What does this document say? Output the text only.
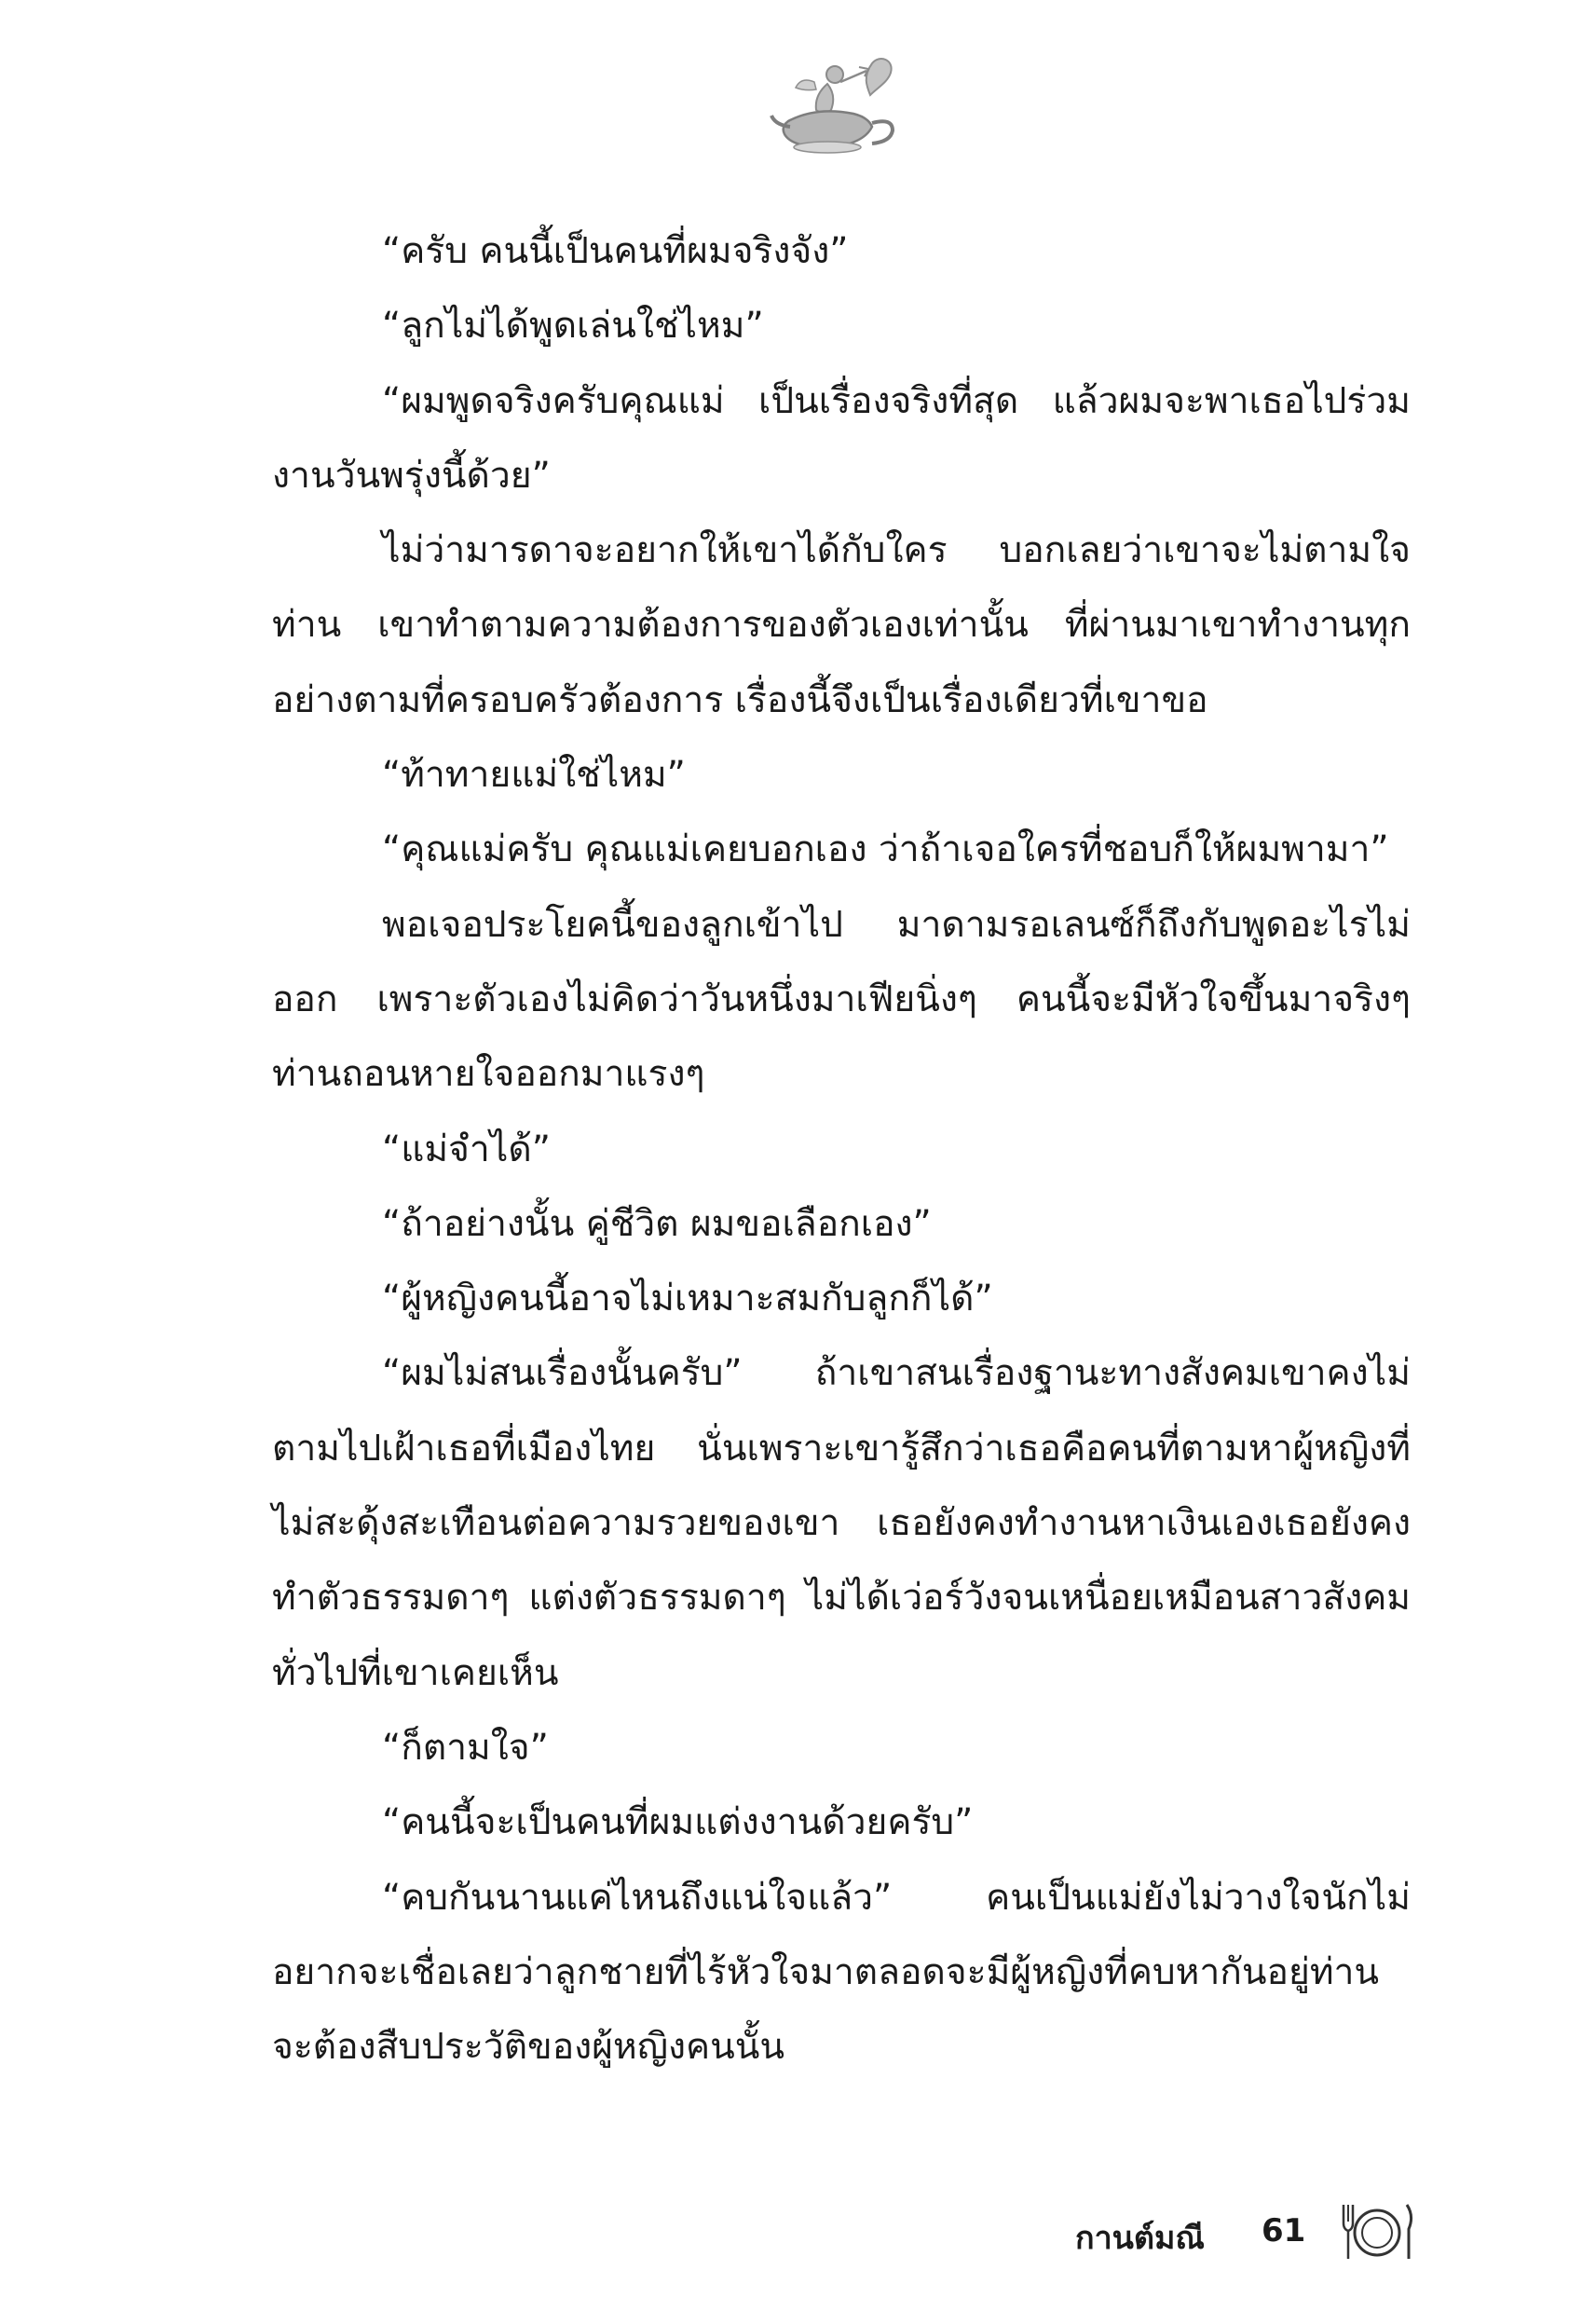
“ครับ คนนี้เป็นคนที่ผมจริงจัง”

“ลูกไม่ได้พูดเล่นใช่ไหม”

“ผมพูดจริงครับคุณแม่ เป็นเรื่องจริงที่สุด แล้วผมจะพาเธอไปร่วมงานวันพรุ่งนี้ด้วย”

ไม่ว่ามารดาจะอยากให้เขาได้กับใคร บอกเลยว่าเขาจะไม่ตามใจท่าน เขาทำตามความต้องการของตัวเองเท่านั้น ที่ผ่านมาเขาทำงานทุกอย่างตามที่ครอบครัวต้องการ เรื่องนี้จึงเป็นเรื่องเดียวที่เขาขอ

“ท้าทายแม่ใช่ไหม”

“คุณแม่ครับ คุณแม่เคยบอกเอง ว่าถ้าเจอใครที่ชอบก็ให้ผมพามา”

พอเจอประโยคนี้ของลูกเข้าไป มาดามรอเลนซ์ก็ถึงกับพูดอะไรไม่ออก เพราะตัวเองไม่คิดว่าวันหนึ่งมาเฟียนิ่งๆ คนนี้จะมีหัวใจขึ้นมาจริงๆ ท่านถอนหายใจออกมาแรงๆ

“แม่จำได้”

“ถ้าอย่างนั้น คู่ชีวิต ผมขอเลือกเอง”

“ผู้หญิงคนนี้อาจไม่เหมาะสมกับลูกก็ได้”

“ผมไม่สนเรื่องนั้นครับ” ถ้าเขาสนเรื่องฐานะทางสังคมเขาคงไม่ตามไปเฝ้าเธอที่เมืองไทย นั่นเพราะเขารู้สึกว่าเธอคือคนที่ตามหาผู้หญิงที่ไม่สะดุ้งสะเทือนต่อความรวยของเขา เธอยังคงทำงานหาเงินเองเธอยังคงทำตัวธรรมดาๆ แต่งตัวธรรมดาๆ ไม่ได้เว่อร์วังจนเหนื่อยเหมือนสาวสังคมทั่วไปที่เขาเคยเห็น

“ก็ตามใจ”

“คนนี้จะเป็นคนที่ผมแต่งงานด้วยครับ”

“คบกันนานแค่ไหนถึงแน่ใจแล้ว” คนเป็นแม่ยังไม่วางใจนักไม่อยากจะเชื่อเลยว่าลูกชายที่ไร้หัวใจมาตลอดจะมีผู้หญิงที่คบหากันอยู่ท่านจะต้องสืบประวัติของผู้หญิงคนนั้น

กานต์มณี 61
